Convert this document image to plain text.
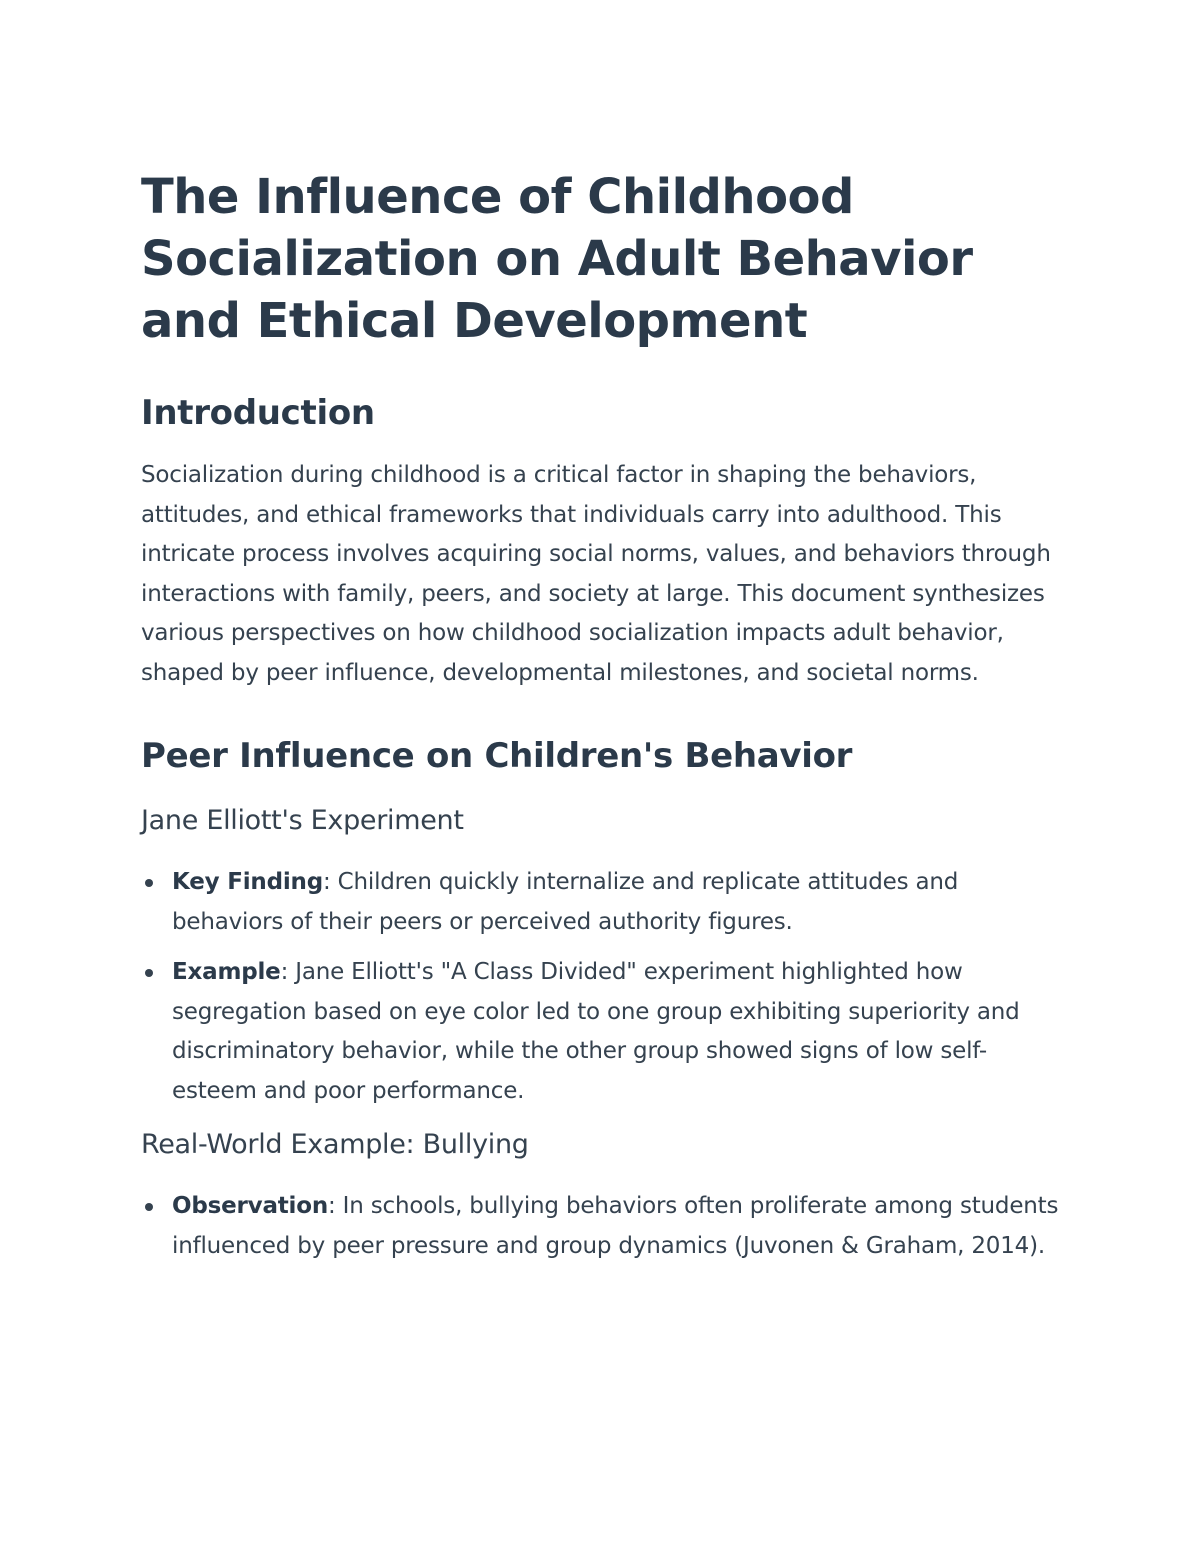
The Influence of Childhood Socialization on Adult Behavior and Ethical Development
Introduction

Socialization during childhood is a critical factor in shaping the behaviors, attitudes, and ethical frameworks that individuals carry into adulthood. This intricate process involves acquiring social norms, values, and behaviors through interactions with family, peers, and society at large. This document synthesizes various perspectives on how childhood socialization impacts adult behavior, shaped by peer influence, developmental milestones, and societal norms.

Peer Influence on Children's Behavior
Jane Elliott's Experiment
Key Finding: Children quickly internalize and replicate attitudes and behaviors of their peers or perceived authority figures.
Example: Jane Elliott's "A Class Divided" experiment highlighted how segregation based on eye color led to one group exhibiting superiority and discriminatory behavior, while the other group showed signs of low self-esteem and poor performance.
Real-World Example: Bullying
Observation: In schools, bullying behaviors often proliferate among students influenced by peer pressure and group dynamics (Juvonen & Graham, 2014).
